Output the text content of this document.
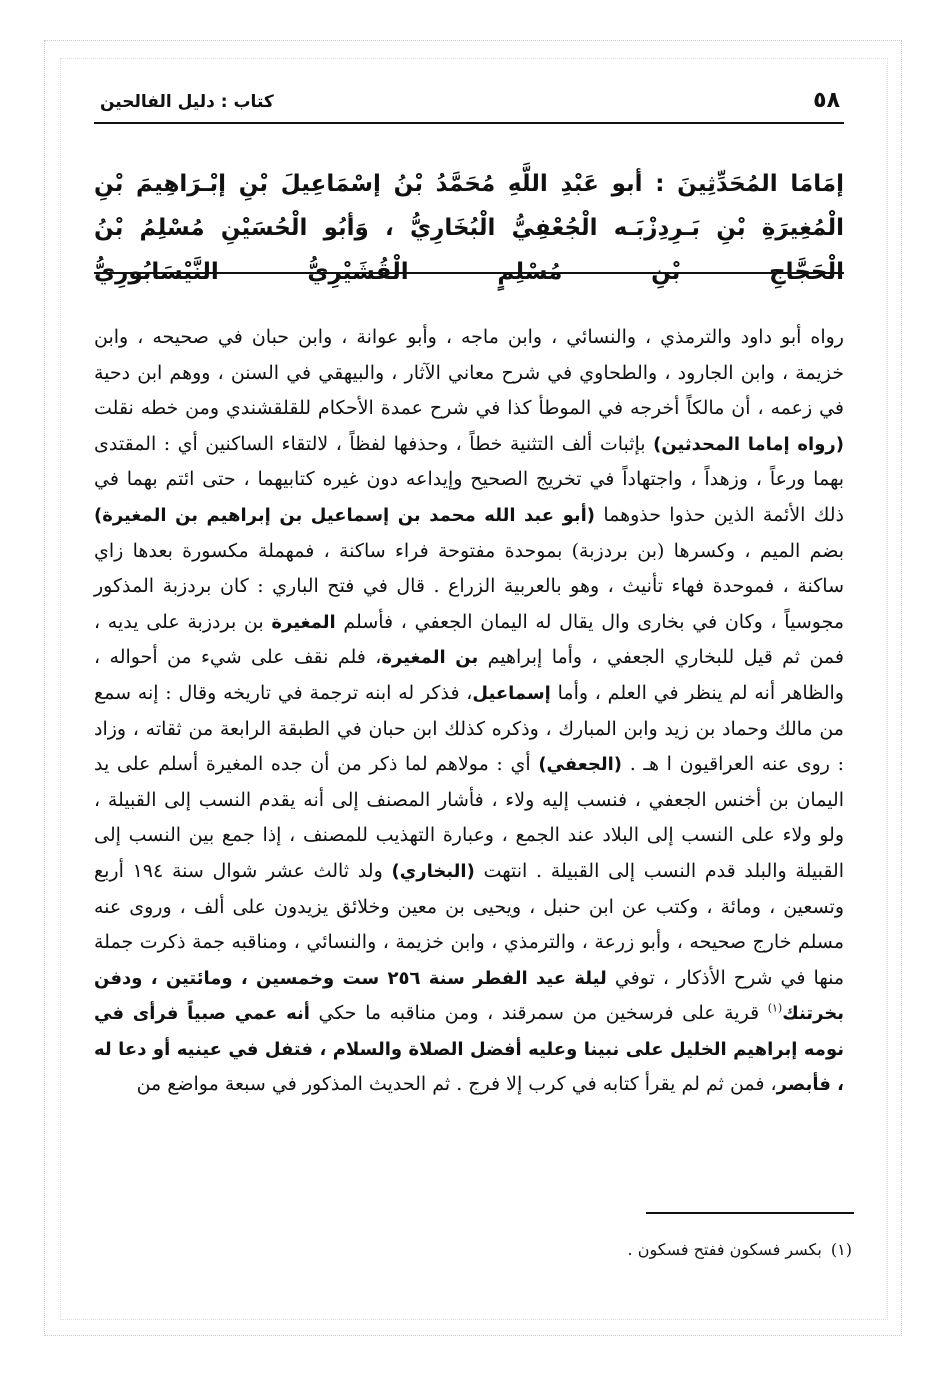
٥٨
كتاب : دليل الفالحين
إمَامَا المُحَدِّثِينَ : أبو عَبْدِ اللَّهِ مُحَمَّدُ بْنُ إسْمَاعِيلَ بْنِ إبْـرَاهِيمَ بْنِ الْمُغِيرَةِ بْنِ بَـرِدِزْبَـه الْجُعْفِيُّ الْبُخَارِيُّ ، وَأبُو الْحُسَيْنِ مُسْلِمُ بْنُ الْحَجَّاجِ بْنِ مُسْلِمٍ الْقُشَيْرِيُّ النَّيْسَابُورِيُّ
رواه أبو داود والترمذي ، والنسائي ، وابن ماجه ، وأبو عوانة ، وابن حبان في صحيحه ، وابن خزيمة ، وابن الجارود ، والطحاوي في شرح معاني الآثار ، والبيهقي في السنن ، ووهم ابن دحية في زعمه ، أن مالكاً أخرجه في الموطأ كذا في شرح عمدة الأحكام للقلقشندي ومن خطه نقلت (رواه إماما المحدثين) بإثبات ألف التثنية خطاً ، وحذفها لفظاً ، لالتقاء الساكنين أي : المقتدى بهما ورعاً ، وزهداً ، واجتهاداً في تخريج الصحيح وإيداعه دون غيره كتابيهما ، حتى ائتم بهما في ذلك الأئمة الذين حذوا حذوهما (أبو عبد الله محمد بن إسماعيل بن إبراهيم بن المغيرة) بضم الميم ، وكسرها (بن بردزبة) بموحدة مفتوحة فراء ساكنة ، فمهملة مكسورة بعدها زاي ساكنة ، فموحدة فهاء تأنيث ، وهو بالعربية الزراع . قال في فتح الباري : كان بردزبة المذكور مجوسياً ، وكان في بخارى وال يقال له اليمان الجعفي ، فأسلم المغيرة بن بردزبة على يديه ، فمن ثم قيل للبخاري الجعفي ، وأما إبراهيم بن المغيرة، فلم نقف على شيء من أحواله ، والظاهر أنه لم ينظر في العلم ، وأما إسماعيل، فذكر له ابنه ترجمة في تاريخه وقال : إنه سمع من مالك وحماد بن زيد وابن المبارك ، وذكره كذلك ابن حبان في الطبقة الرابعة من ثقاته ، وزاد : روى عنه العراقيون ا هـ . (الجعفي) أي : مولاهم لما ذكر من أن جده المغيرة أسلم على يد اليمان بن أخنس الجعفي ، فنسب إليه ولاء ، فأشار المصنف إلى أنه يقدم النسب إلى القبيلة ، ولو ولاء على النسب إلى البلاد عند الجمع ، وعبارة التهذيب للمصنف ، إذا جمع بين النسب إلى القبيلة والبلد قدم النسب إلى القبيلة . انتهت (البخاري) ولد ثالث عشر شوال سنة ١٩٤ أربع وتسعين ، ومائة ، وكتب عن ابن حنبل ، ويحيى بن معين وخلائق يزيدون على ألف ، وروى عنه مسلم خارج صحيحه ، وأبو زرعة ، والترمذي ، وابن خزيمة ، والنسائي ، ومناقبه جمة ذكرت جملة منها في شرح الأذكار ، توفي ليلة عيد الفطر سنة ٢٥٦ ست وخمسين ، ومائتين ، ودفن بخرتنك$^{(١)}$ قرية على فرسخين من سمرقند ، ومن مناقبه ما حكي أنه عمي صبياً فرأى في نومه إبراهيم الخليل على نبينا وعليه أفضل الصلاة والسلام ، فتفل في عينيه أو دعا له ، فأبصر، فمن ثم لم يقرأ كتابه في كرب إلا فرج . ثم الحديث المذكور في سبعة مواضع من
(١) بكسر فسكون ففتح فسكون .
